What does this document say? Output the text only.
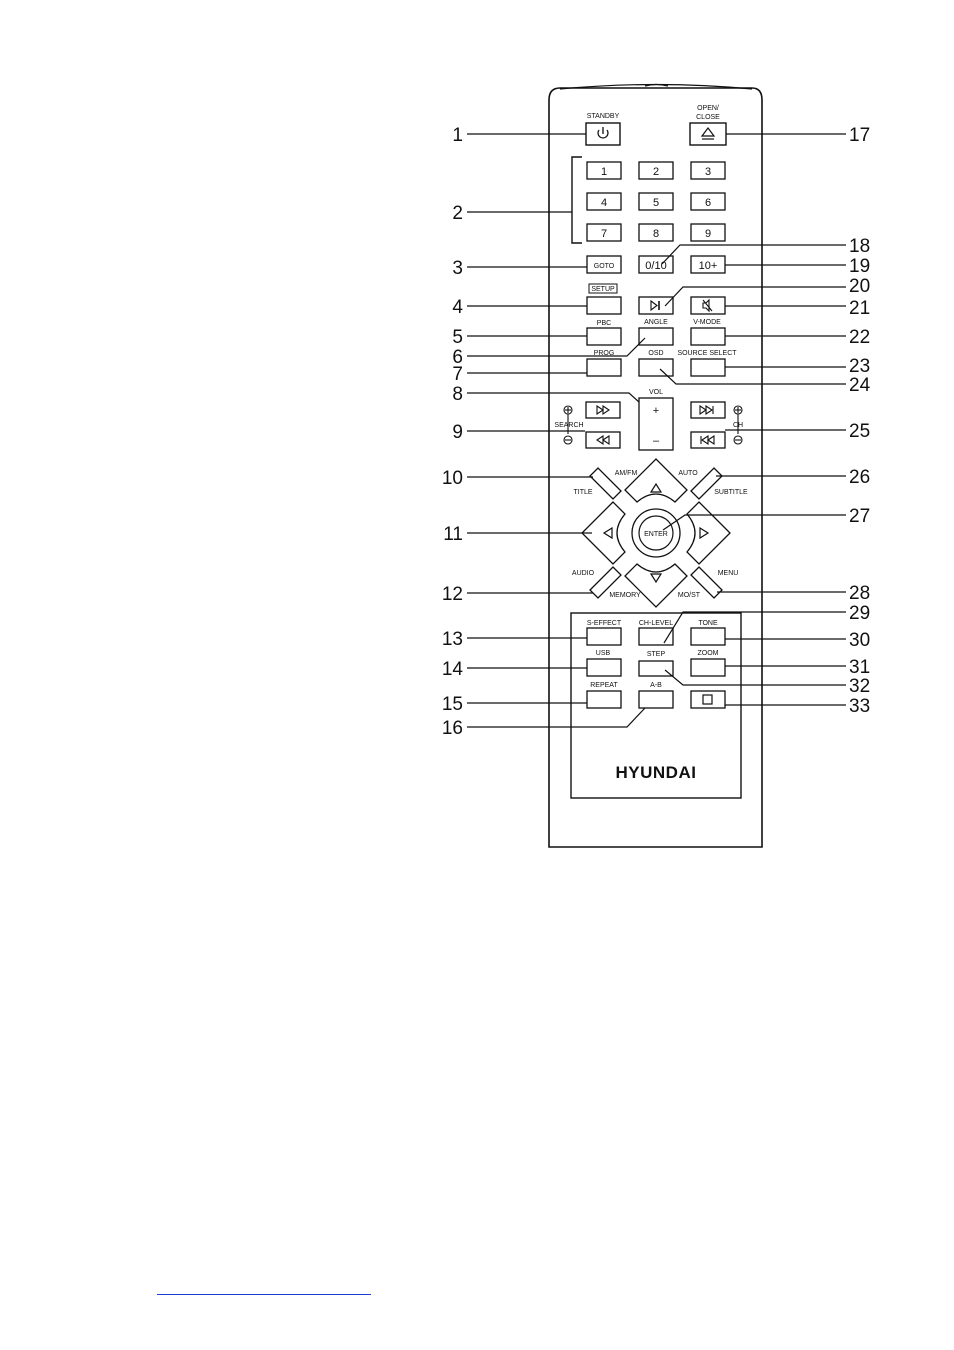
STANDBY
OPEN/
CLOSE
1	2	3
4	5	6
7	8	9
GOTO	0/10	10+
SETUP
PBC	ANGLE	V-MODE
PROG	OSD SOURCE SELECT
VOL
+
–
SEARCH	CH
AM/FM
TITLE
AUTO
SUBTITLE
ENTER
AUDIO
MEMORY
MENU
MO/ST
S-EFFECT	CH-LEVEL	TONE
USB	STEP	ZOOM
REPEAT	A-B
HYUNDAI
1
2
3
4
5
6
7
8
9
10
11
12
13
14
15
16
17
18
19
20
21
22
23
24
25
26
27
28
29
30
31
32
33
